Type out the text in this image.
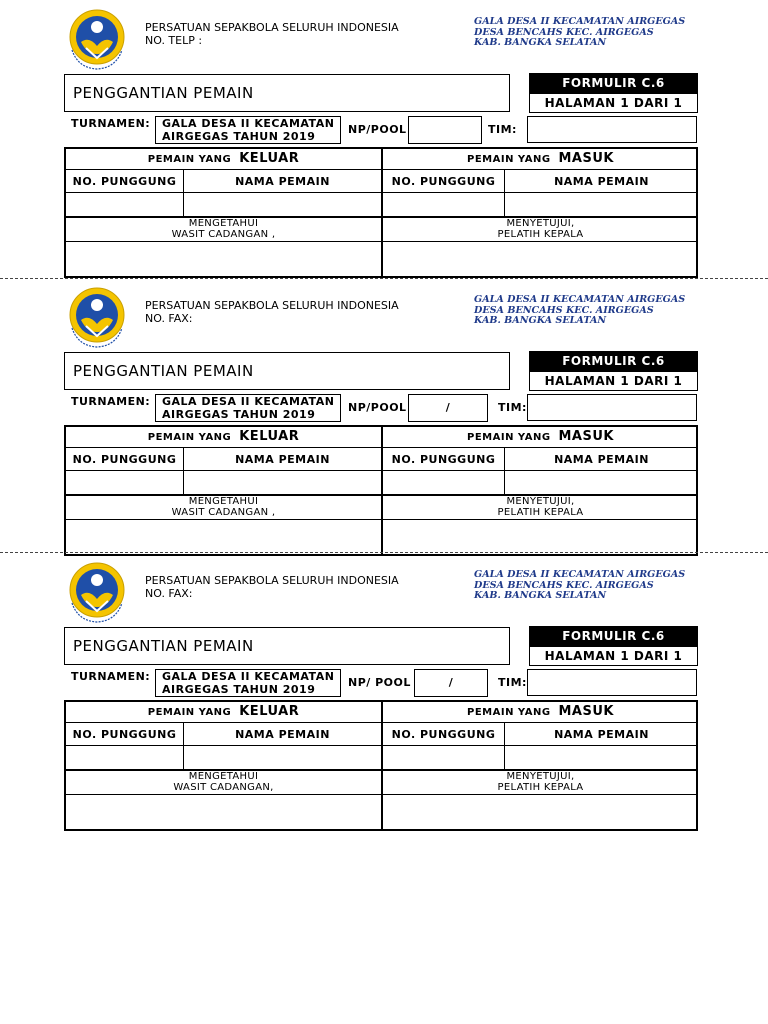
PERSATUAN SEPAKBOLA SELURUH INDONESIA
NO. TELP :
GALA DESA II KECAMATAN AIRGEGAS
DESA BENCAHS KEC. AIRGEGAS
KAB. BANGKA SELATAN
PENGGANTIAN PEMAIN
FORMULIR C.6
HALAMAN 1 DARI 1
TURNAMEN: GALA DESA II KECAMATAN
AIRGEGAS TAHUN 2019	NP/POOL	TIM:
PEMAIN YANG KELUAR	PEMAIN YANG MASUK
NO. PUNGGUNG	NAMA PEMAIN	NO. PUNGGUNG	NAMA PEMAIN
MENGETAHUI
WASIT CADANGAN ,
MENYETUJUI,
PELATIH KEPALA
PERSATUAN SEPAKBOLA SELURUH INDONESIA
NO. FAX:
GALA DESA II KECAMATAN AIRGEGAS
DESA BENCAHS KEC. AIRGEGAS
KAB. BANGKA SELATAN
PENGGANTIAN PEMAIN
FORMULIR C.6
HALAMAN 1 DARI 1
TURNAMEN: GALA DESA II KECAMATAN
AIRGEGAS TAHUN 2019	NP/POOL	/	TIM:
PEMAIN YANG KELUAR	PEMAIN YANG MASUK
NO. PUNGGUNG	NAMA PEMAIN	NO. PUNGGUNG	NAMA PEMAIN
MENGETAHUI
WASIT CADANGAN ,
MENYETUJUI,
PELATIH KEPALA
PERSATUAN SEPAKBOLA SELURUH INDONESIA
NO. FAX:
GALA DESA II KECAMATAN AIRGEGAS
DESA BENCAHS KEC. AIRGEGAS
KAB. BANGKA SELATAN
PENGGANTIAN PEMAIN
FORMULIR C.6
HALAMAN 1 DARI 1
TURNAMEN: GALA DESA II KECAMATAN
AIRGEGAS TAHUN 2019	NP/ POOL	/	TIM:
PEMAIN YANG KELUAR	PEMAIN YANG MASUK
NO. PUNGGUNG	NAMA PEMAIN	NO. PUNGGUNG	NAMA PEMAIN
MENGETAHUI
WASIT CADANGAN,
MENYETUJUI,
PELATIH KEPALA
